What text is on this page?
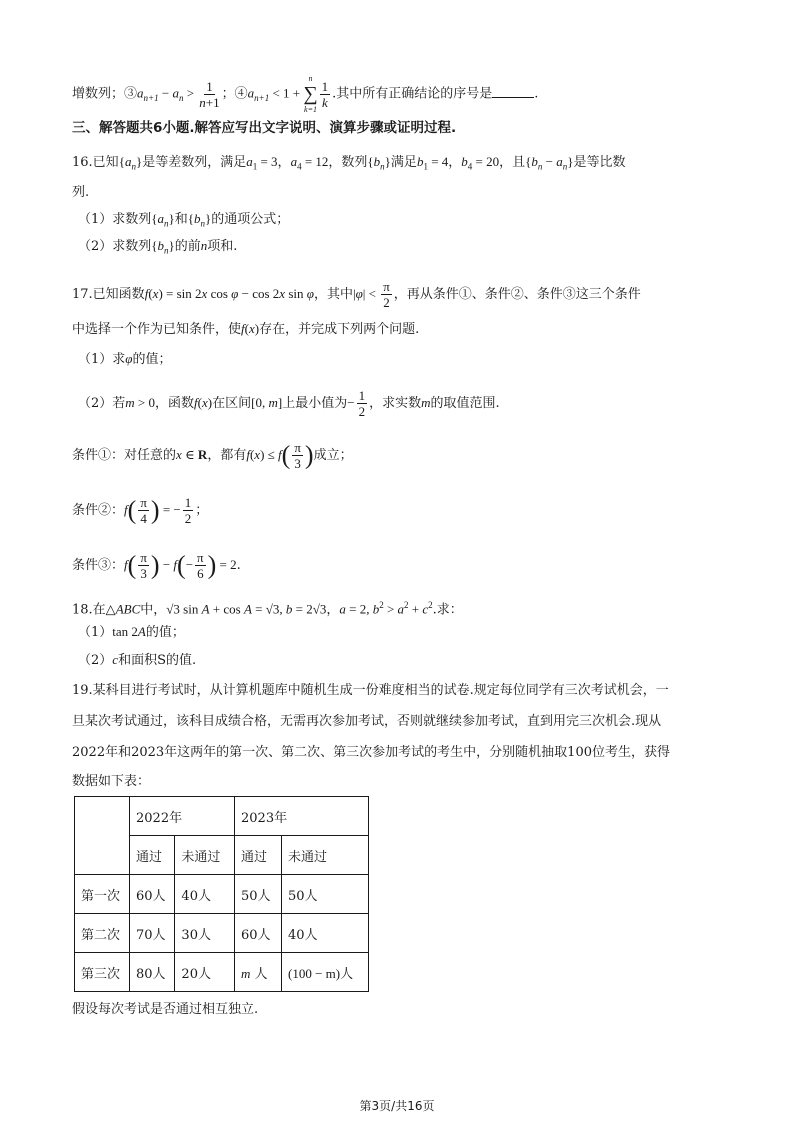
增数列；$③a_{n+1} - a_n > \frac{1}{n+1}$ ；$④a_{n+1} < 1$ +
n
∑
$k=1 \frac{1}{k}$ .其中所有正确结论的序号是	.
三、解答题共6小题.解答应写出文字说明、演算步骤或证明过程.
16.已知$\{a_n\}$是等差数列，满足$a_1 = 3$，$a_4 = 12$，数列$\{b_n\}$满足$b_1 = 4$，$b_4 = 20$，且$\{b_n - a_n\}$是等比数
列.
（1）求数列$\{a_n\}$和$\{b_n\}$的通项公式；
（2）求数列$\{b_n\}$的前n项和.
17.已知函数f(x) = sin 2x cos φ − cos 2x sin φ，其中$|\varphi| < \frac{\pi}{2}$ ，再从条件①、条件②、条件③这三个条件
中选择一个作为已知条件，使f(x)存在，并完成下列两个问题.
（1）求φ的值；
（2）若m > 0，函数f(x)在区间[0, m]上最小值为− $\frac{1}{2}$ ，求实数m的取值范围.
条件①：对任意的x ∈ R，都有$f(x) \le f( \frac{\pi}{3}$ )成立；
条件②：$f( \frac{\pi}{4}$ ) = − $\frac{1}{2}$ ；
条件③：$f( \frac{\pi}{3}$ ) − $f(- \frac{\pi}{6}$ ) = 2.
18.在△ABC中，√3 sin A + cos A = √3, b = 2√3，a = 2, $b^2 > a^2 + c^2$.求：
（1）tan 2A的值；
（2）c和面积S的值.
19.某科目进行考试时，从计算机题库中随机生成一份难度相当的试卷.规定每位同学有三次考试机会，一
旦某次考试通过，该科目成绩合格，无需再次参加考试，否则就继续参加考试，直到用完三次机会.现从
2022年和2023年这两年的第一次、第二次、第三次参加考试的考生中，分别随机抽取100位考生，获得
数据如下表：
	2022年		2023年	
	通过	未通过	通过	未通过
第一次	60人	40人	50人	50人
第二次	70人	30人	60人	40人
第三次	80人	20人	m 人	(100 − m)人
假设每次考试是否通过相互独立.
第3页/共16页
